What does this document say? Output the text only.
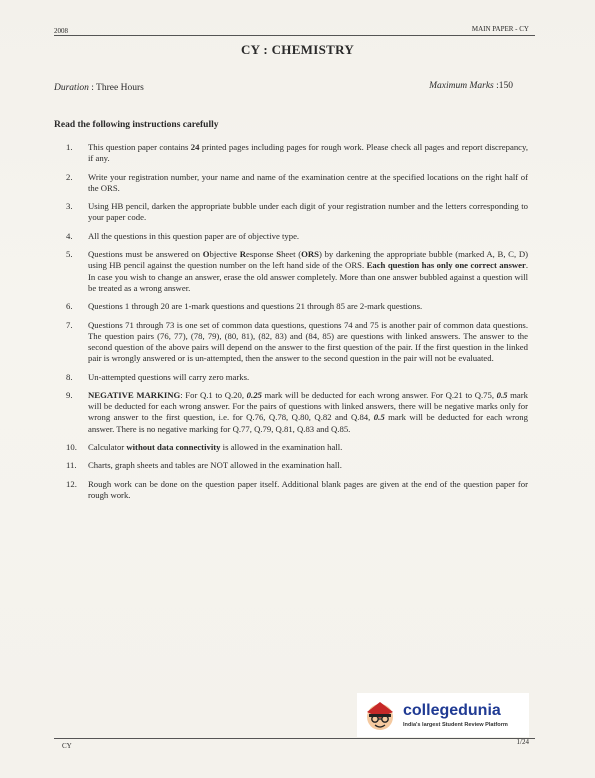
2008	MAIN PAPER - CY
CY : CHEMISTRY
Duration : Three Hours	Maximum Marks :150
Read the following instructions carefully
1.	This question paper contains 24 printed pages including pages for rough work. Please check all pages and report discrepancy, if any.
2.	Write your registration number, your name and name of the examination centre at the specified locations on the right half of the ORS.
3.	Using HB pencil, darken the appropriate bubble under each digit of your registration number and the letters corresponding to your paper code.
4.	All the questions in this question paper are of objective type.
5.	Questions must be answered on Objective Response Sheet (ORS) by darkening the appropriate bubble (marked A, B, C, D) using HB pencil against the question number on the left hand side of the ORS. Each question has only one correct answer. In case you wish to change an answer, erase the old answer completely. More than one answer bubbled against a question will be treated as a wrong answer.
6.	Questions 1 through 20 are 1-mark questions and questions 21 through 85 are 2-mark questions.
7.	Questions 71 through 73 is one set of common data questions, questions 74 and 75 is another pair of common data questions. The question pairs (76, 77), (78, 79), (80, 81), (82, 83) and (84, 85) are questions with linked answers. The answer to the second question of the above pairs will depend on the answer to the first question of the pair. If the first question in the linked pair is wrongly answered or is un-attempted, then the answer to the second question in the pair will not be evaluated.
8.	Un-attempted questions will carry zero marks.
9.	NEGATIVE MARKING: For Q.1 to Q.20, 0.25 mark will be deducted for each wrong answer. For Q.21 to Q.75, 0.5 mark will be deducted for each wrong answer. For the pairs of questions with linked answers, there will be negative marks only for wrong answer to the first question, i.e. for Q.76, Q.78, Q.80, Q.82 and Q.84, 0.5 mark will be deducted for each wrong answer. There is no negative marking for Q.77, Q.79, Q.81, Q.83 and Q.85.
10.	Calculator without data connectivity is allowed in the examination hall.
11.	Charts, graph sheets and tables are NOT allowed in the examination hall.
12.	Rough work can be done on the question paper itself. Additional blank pages are given at the end of the question paper for rough work.
collegedunia
India's largest Student Review Platform
CY	1/24
